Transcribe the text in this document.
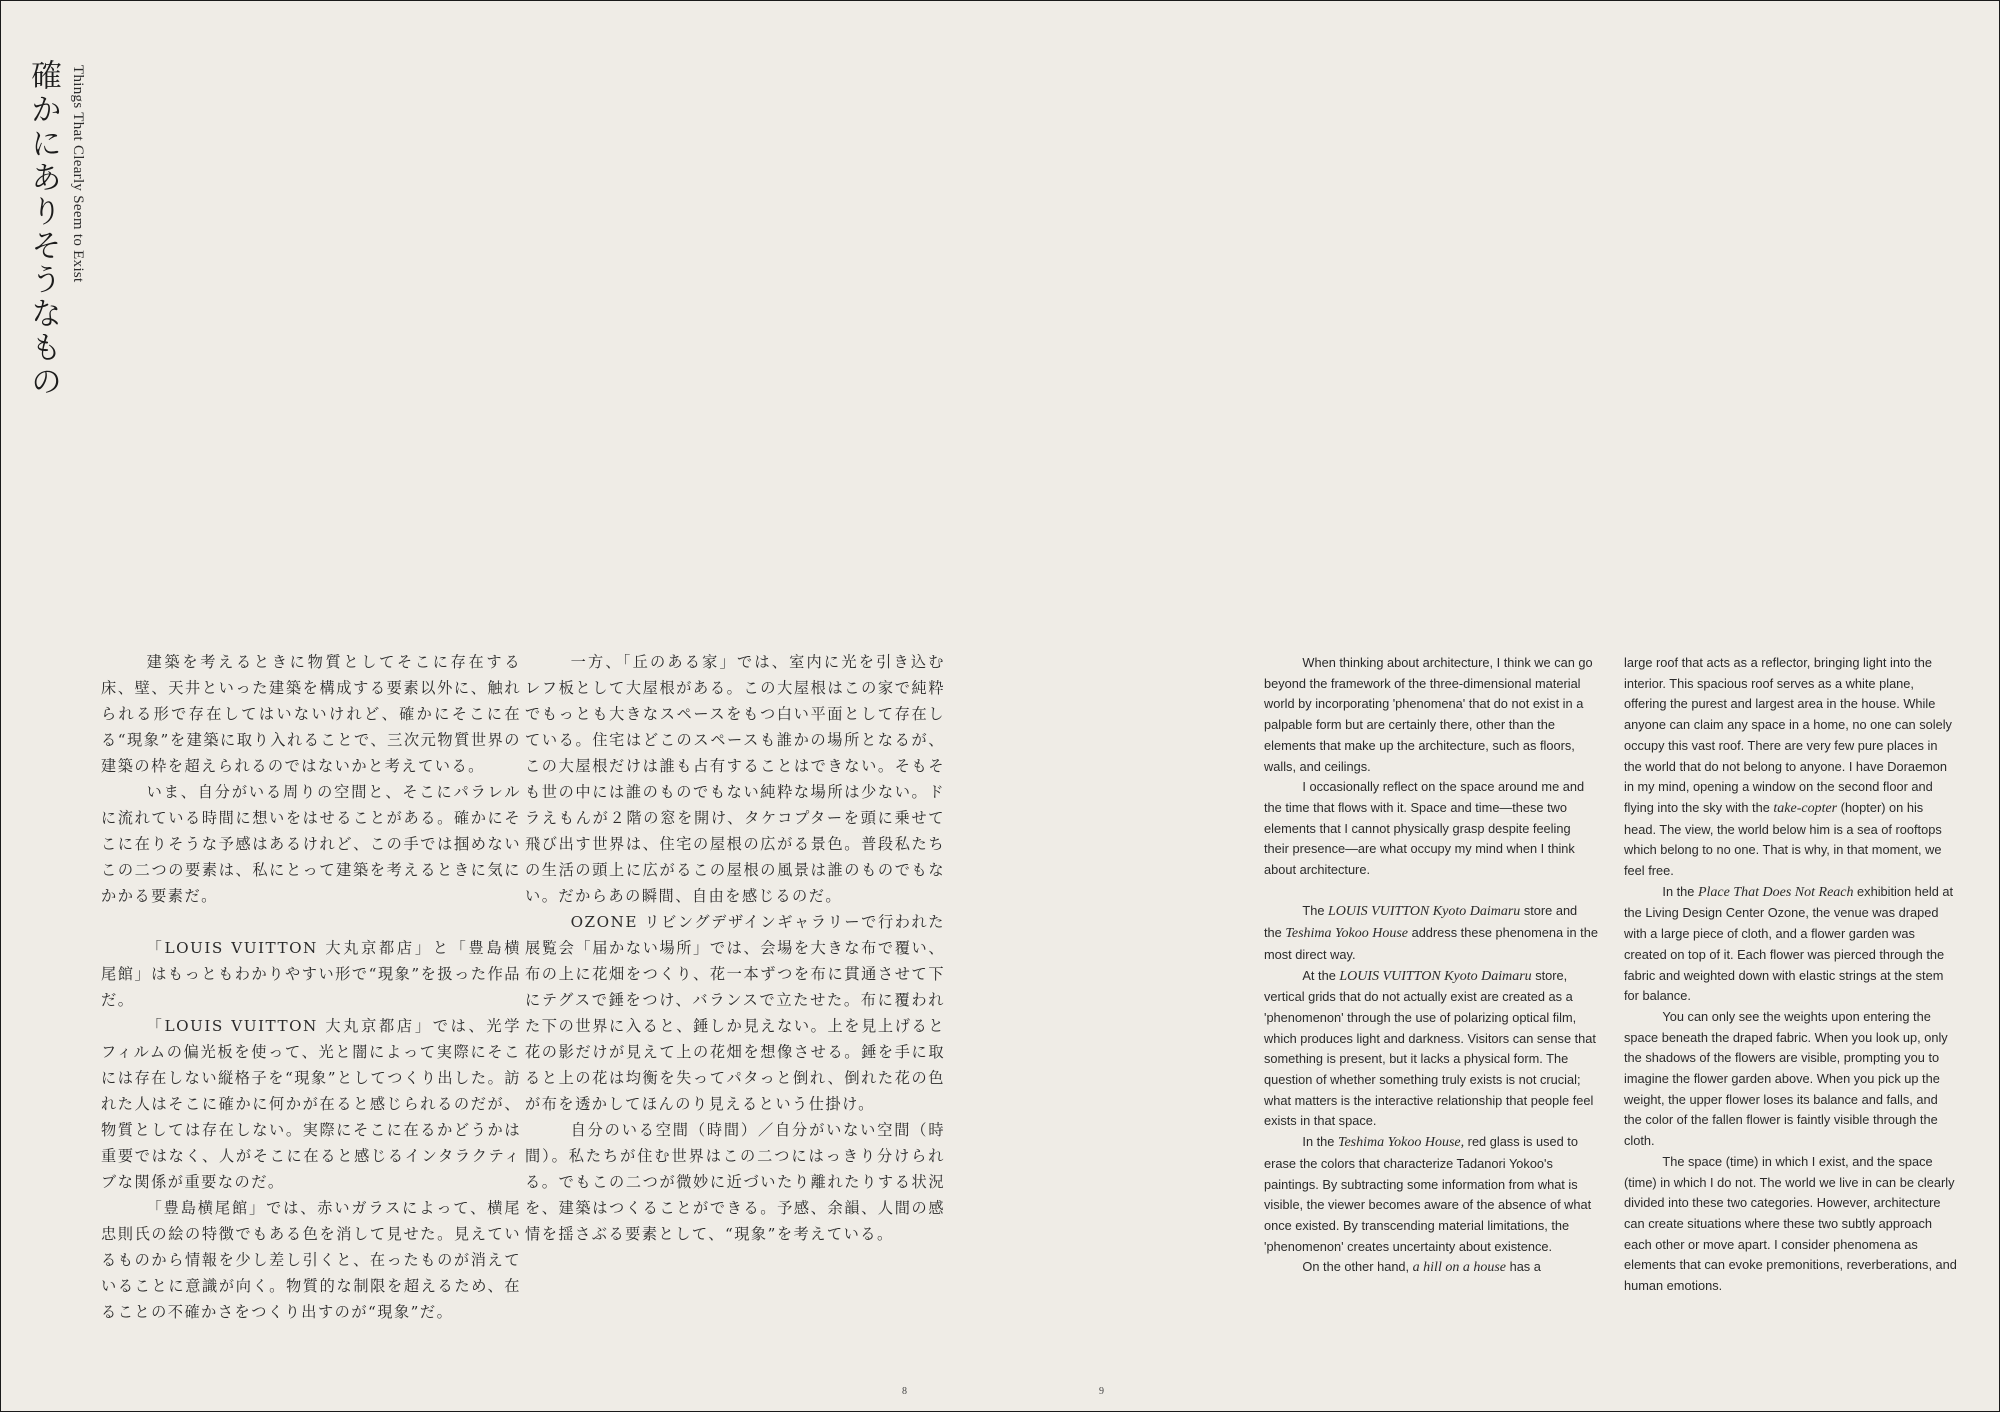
確かにありそうなもの Things That Clearly Seem to Exist

建築を考えるときに物質としてそこに存在する床、壁、天井といった建築を構成する要素以外に、触れられる形で存在してはいないけれど、確かにそこに在る“現象”を建築に取り入れることで、三次元物質世界の建築の枠を超えられるのではないかと考えている。

いま、自分がいる周りの空間と、そこにパラレルに流れている時間に想いをはせることがある。確かにそこに在りそうな予感はあるけれど、この手では掴めないこの二つの要素は、私にとって建築を考えるときに気にかかる要素だ。

「LOUIS VUITTON 大丸京都店」と「豊島横尾館」はもっともわかりやすい形で“現象”を扱った作品だ。

「LOUIS VUITTON 大丸京都店」では、光学フィルムの偏光板を使って、光と闇によって実際にそこには存在しない縦格子を“現象”としてつくり出した。訪れた人はそこに確かに何かが在ると感じられるのだが、物質としては存在しない。実際にそこに在るかどうかは重要ではなく、人がそこに在ると感じるインタラクティブな関係が重要なのだ。

「豊島横尾館」では、赤いガラスによって、横尾忠則氏の絵の特徴でもある色を消して見せた。見えているものから情報を少し差し引くと、在ったものが消えていることに意識が向く。物質的な制限を超えるため、在ることの不確かさをつくり出すのが“現象”だ。

一方、「丘のある家」では、室内に光を引き込むレフ板として大屋根がある。この大屋根はこの家で純粋でもっとも大きなスペースをもつ白い平面として存在している。住宅はどこのスペースも誰かの場所となるが、この大屋根だけは誰も占有することはできない。そもそも世の中には誰のものでもない純粋な場所は少ない。ドラえもんが２階の窓を開け、タケコプターを頭に乗せて飛び出す世界は、住宅の屋根の広がる景色。普段私たちの生活の頭上に広がるこの屋根の風景は誰のものでもない。だからあの瞬間、自由を感じるのだ。

OZONE リビングデザインギャラリーで行われた展覧会「届かない場所」では、会場を大きな布で覆い、布の上に花畑をつくり、花一本ずつを布に貫通させて下にテグスで錘をつけ、バランスで立たせた。布に覆われた下の世界に入ると、錘しか見えない。上を見上げると花の影だけが見えて上の花畑を想像させる。錘を手に取ると上の花は均衡を失ってパタっと倒れ、倒れた花の色が布を透かしてほんのり見えるという仕掛け。

自分のいる空間（時間）／自分がいない空間（時間）。私たちが住む世界はこの二つにはっきり分けられる。でもこの二つが微妙に近づいたり離れたりする状況を、建築はつくることができる。予感、余韻、人間の感情を揺さぶる要素として、“現象”を考えている。

When thinking about architecture, I think we can go beyond the framework of the three-dimensional material world by incorporating 'phenomena' that do not exist in a palpable form but are certainly there, other than the elements that make up the architecture, such as floors, walls, and ceilings.

I occasionally reflect on the space around me and the time that flows with it. Space and time—these two elements that I cannot physically grasp despite feeling their presence—are what occupy my mind when I think about architecture.

The LOUIS VUITTON Kyoto Daimaru store and the Teshima Yokoo House address these phenomena in the most direct way.

At the LOUIS VUITTON Kyoto Daimaru store, vertical grids that do not actually exist are created as a 'phenomenon' through the use of polarizing optical film, which produces light and darkness. Visitors can sense that something is present, but it lacks a physical form. The question of whether something truly exists is not crucial; what matters is the interactive relationship that people feel exists in that space.

In the Teshima Yokoo House, red glass is used to erase the colors that characterize Tadanori Yokoo's paintings. By subtracting some information from what is visible, the viewer becomes aware of the absence of what once existed. By transcending material limitations, the 'phenomenon' creates uncertainty about existence.

On the other hand, a hill on a house has a

large roof that acts as a reflector, bringing light into the interior. This spacious roof serves as a white plane, offering the purest and largest area in the house. While anyone can claim any space in a home, no one can solely occupy this vast roof. There are very few pure places in the world that do not belong to anyone. I have Doraemon in my mind, opening a window on the second floor and flying into the sky with the take-copter (hopter) on his head. The view, the world below him is a sea of rooftops which belong to no one. That is why, in that moment, we feel free.

In the Place That Does Not Reach exhibition held at the Living Design Center Ozone, the venue was draped with a large piece of cloth, and a flower garden was created on top of it. Each flower was pierced through the fabric and weighted down with elastic strings at the stem for balance.

You can only see the weights upon entering the space beneath the draped fabric. When you look up, only the shadows of the flowers are visible, prompting you to imagine the flower garden above. When you pick up the weight, the upper flower loses its balance and falls, and the color of the fallen flower is faintly visible through the cloth.

The space (time) in which I exist, and the space (time) in which I do not. The world we live in can be clearly divided into these two categories. However, architecture can create situations where these two subtly approach each other or move apart. I consider phenomena as elements that can evoke premonitions, reverberations, and human emotions.

8	9
